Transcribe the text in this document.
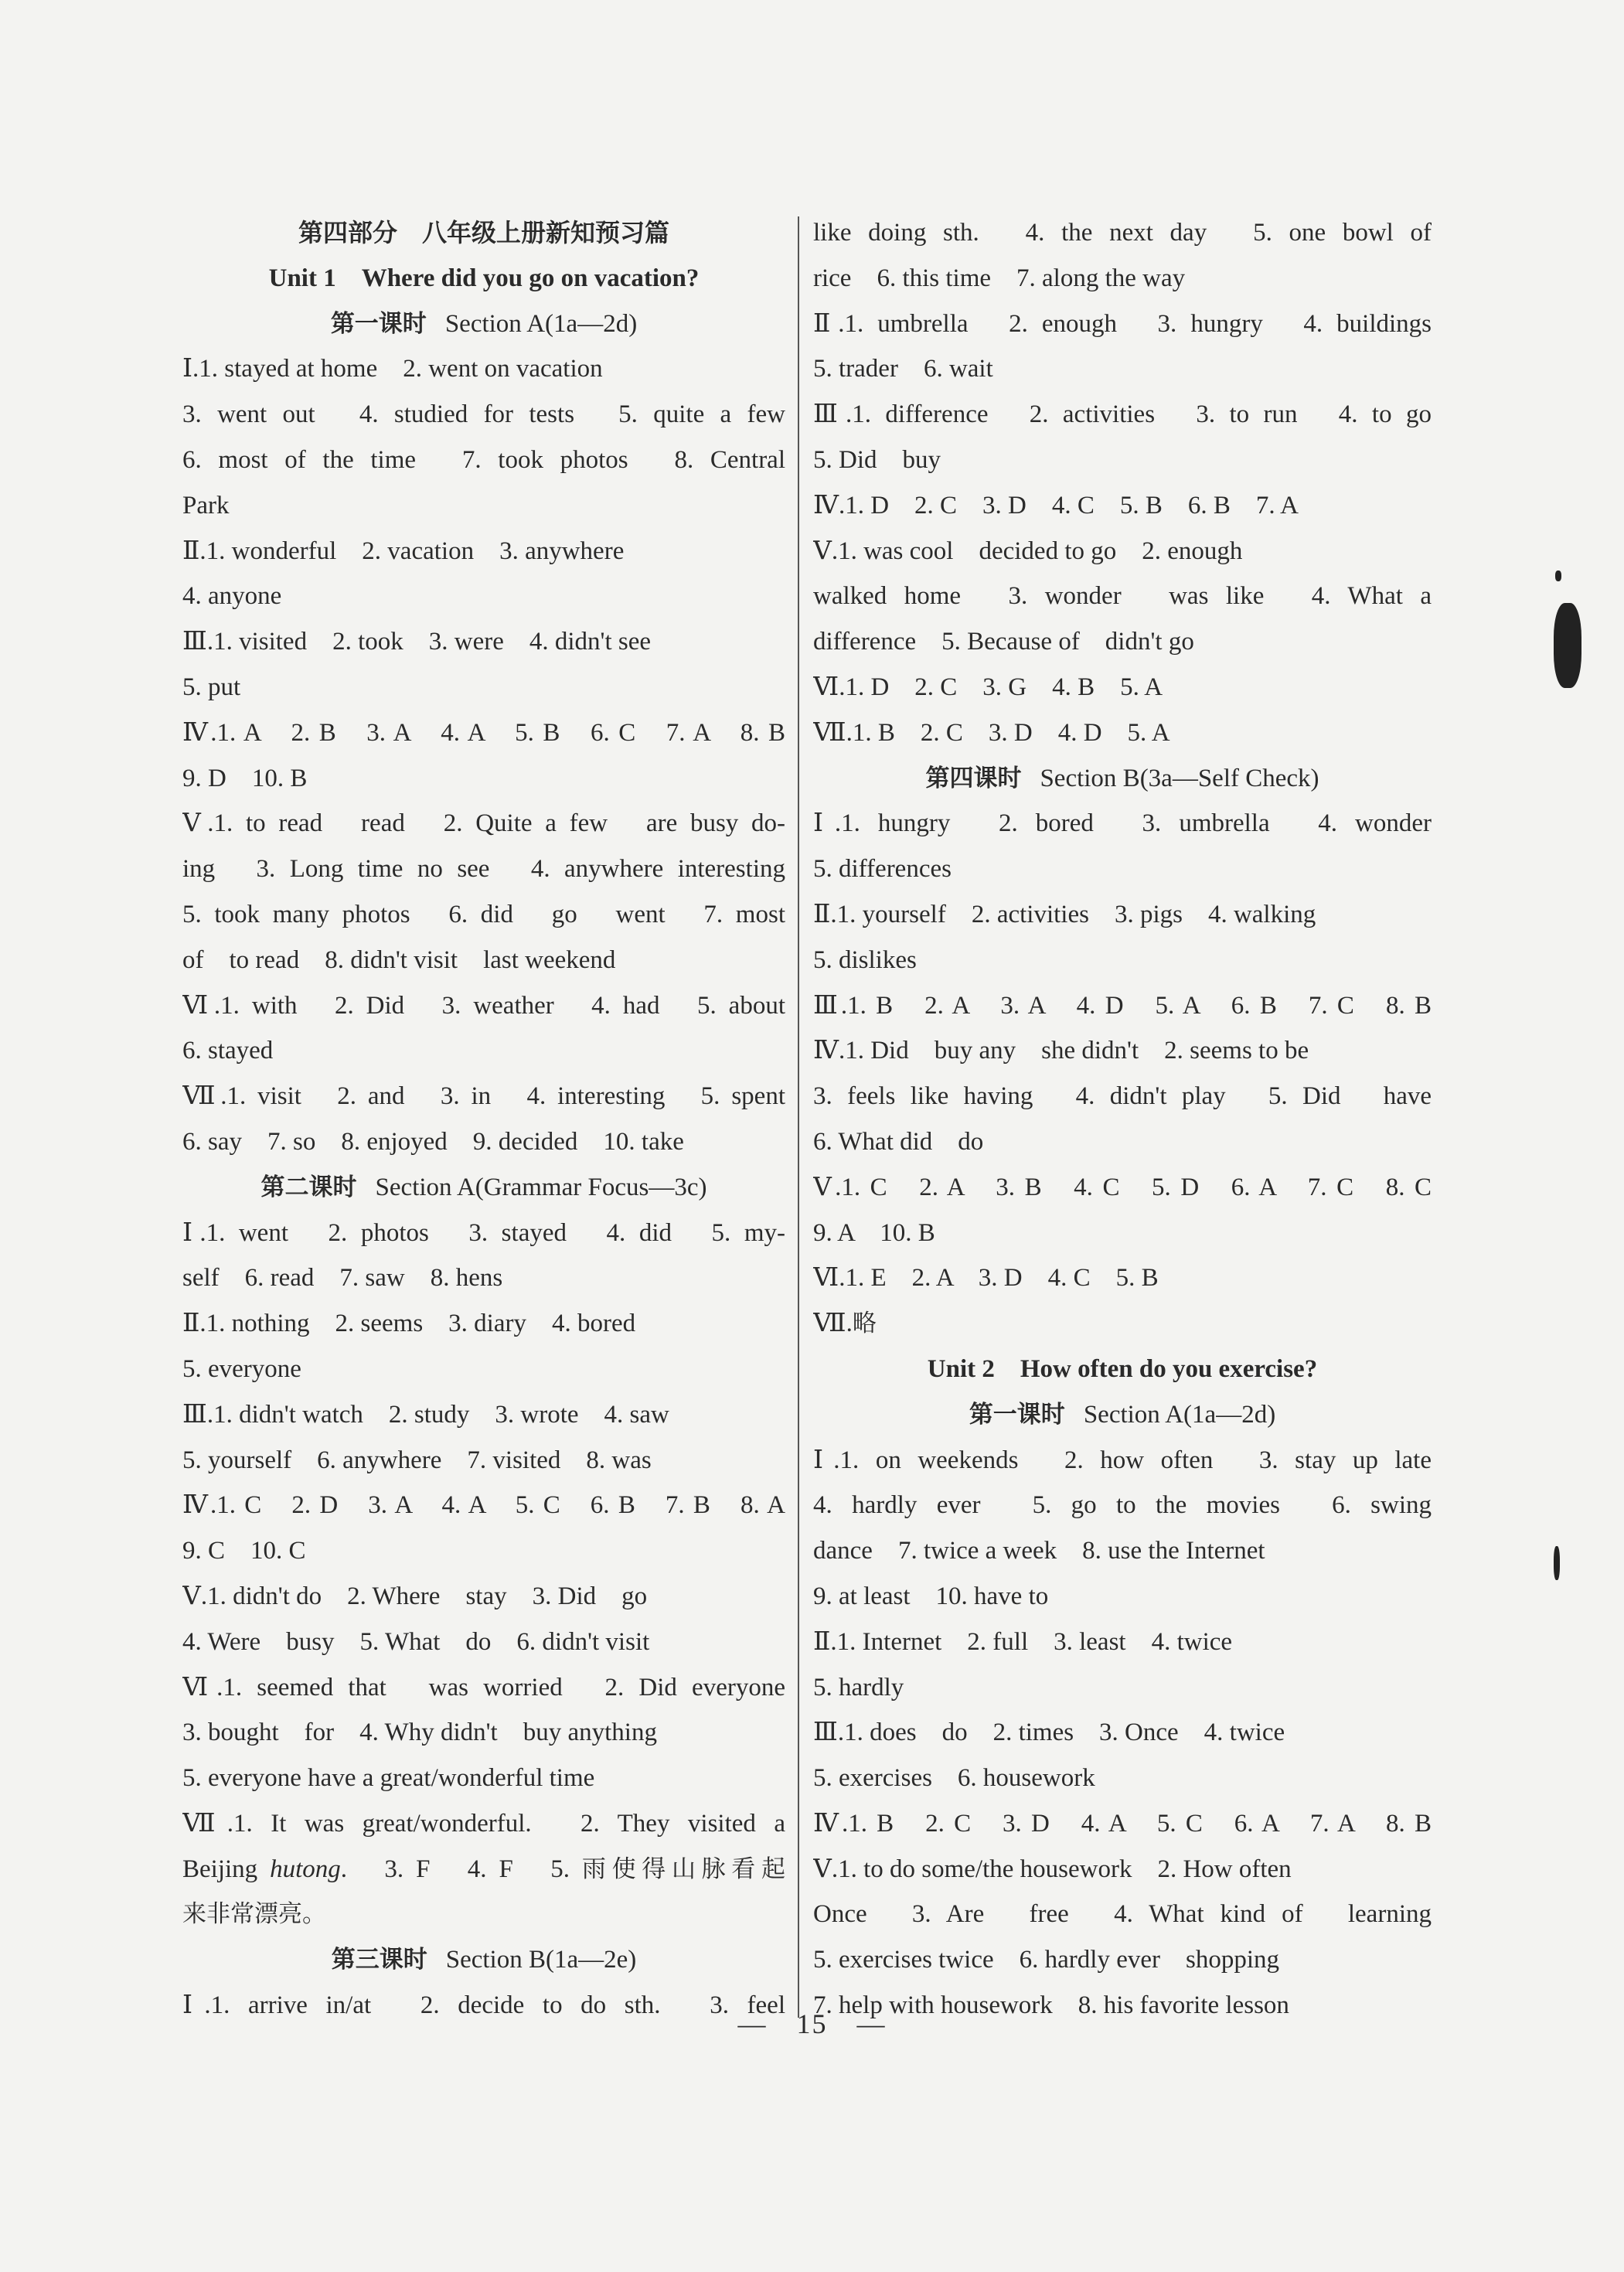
第四部分　八年级上册新知预习篇
Unit 1　Where did you go on vacation?
第一课时 Section A(1a—2d)
Ⅰ.1. stayed at home　2. went on vacation
3. went out　4. studied for tests　5. quite a few
6. most of the time　7. took photos　8. Central
Park
Ⅱ.1. wonderful　2. vacation　3. anywhere
4. anyone
Ⅲ.1. visited　2. took　3. were　4. didn't see
5. put
Ⅳ.1. A　2. B　3. A　4. A　5. B　6. C　7. A　8. B
9. D　10. B
Ⅴ.1. to read　read　2. Quite a few　are busy do-
ing　3. Long time no see　4. anywhere interesting
5. took many photos　6. did　go　went　7. most
of　to read　8. didn't visit　last weekend
Ⅵ.1. with　2. Did　3. weather　4. had　5. about
6. stayed
Ⅶ.1. visit　2. and　3. in　4. interesting　5. spent
6. say　7. so　8. enjoyed　9. decided　10. take
第二课时 Section A(Grammar Focus—3c)
Ⅰ.1. went　2. photos　3. stayed　4. did　5. my-
self　6. read　7. saw　8. hens
Ⅱ.1. nothing　2. seems　3. diary　4. bored
5. everyone
Ⅲ.1. didn't watch　2. study　3. wrote　4. saw
5. yourself　6. anywhere　7. visited　8. was
Ⅳ.1. C　2. D　3. A　4. A　5. C　6. B　7. B　8. A
9. C　10. C
Ⅴ.1. didn't do　2. Where　stay　3. Did　go
4. Were　busy　5. What　do　6. didn't visit
Ⅵ.1. seemed that　was worried　2. Did everyone
3. bought　for　4. Why didn't　buy anything
5. everyone have a great/wonderful time
Ⅶ.1. It was great/wonderful.　2. They visited a
Beijing hutong.　3. F　4. F　5. 雨使得山脉看起
来非常漂亮。
第三课时 Section B(1a—2e)
Ⅰ.1. arrive in/at　2. decide to do sth.　3. feel
like doing sth.　4. the next day　5. one bowl of
rice　6. this time　7. along the way
Ⅱ.1. umbrella　2. enough　3. hungry　4. buildings
5. trader　6. wait
Ⅲ.1. difference　2. activities　3. to run　4. to go
5. Did　buy
Ⅳ.1. D　2. C　3. D　4. C　5. B　6. B　7. A
Ⅴ.1. was cool　decided to go　2. enough
walked home　3. wonder　was like　4. What a
difference　5. Because of　didn't go
Ⅵ.1. D　2. C　3. G　4. B　5. A
Ⅶ.1. B　2. C　3. D　4. D　5. A
第四课时 Section B(3a—Self Check)
Ⅰ.1. hungry　2. bored　3. umbrella　4. wonder
5. differences
Ⅱ.1. yourself　2. activities　3. pigs　4. walking
5. dislikes
Ⅲ.1. B　2. A　3. A　4. D　5. A　6. B　7. C　8. B
Ⅳ.1. Did　buy any　she didn't　2. seems to be
3. feels like having　4. didn't play　5. Did　have
6. What did　do
Ⅴ.1. C　2. A　3. B　4. C　5. D　6. A　7. C　8. C
9. A　10. B
Ⅵ.1. E　2. A　3. D　4. C　5. B
Ⅶ.略
Unit 2　How often do you exercise?
第一课时 Section A(1a—2d)
Ⅰ.1. on weekends　2. how often　3. stay up late
4. hardly ever　5. go to the movies　6. swing
dance　7. twice a week　8. use the Internet
9. at least　10. have to
Ⅱ.1. Internet　2. full　3. least　4. twice
5. hardly
Ⅲ.1. does　do　2. times　3. Once　4. twice
5. exercises　6. housework
Ⅳ.1. B　2. C　3. D　4. A　5. C　6. A　7. A　8. B
Ⅴ.1. to do some/the housework　2. How often
Once　3. Are　free　4. What kind of　learning
5. exercises twice　6. hardly ever　shopping
7. help with housework　8. his favorite lesson
—　15　—
